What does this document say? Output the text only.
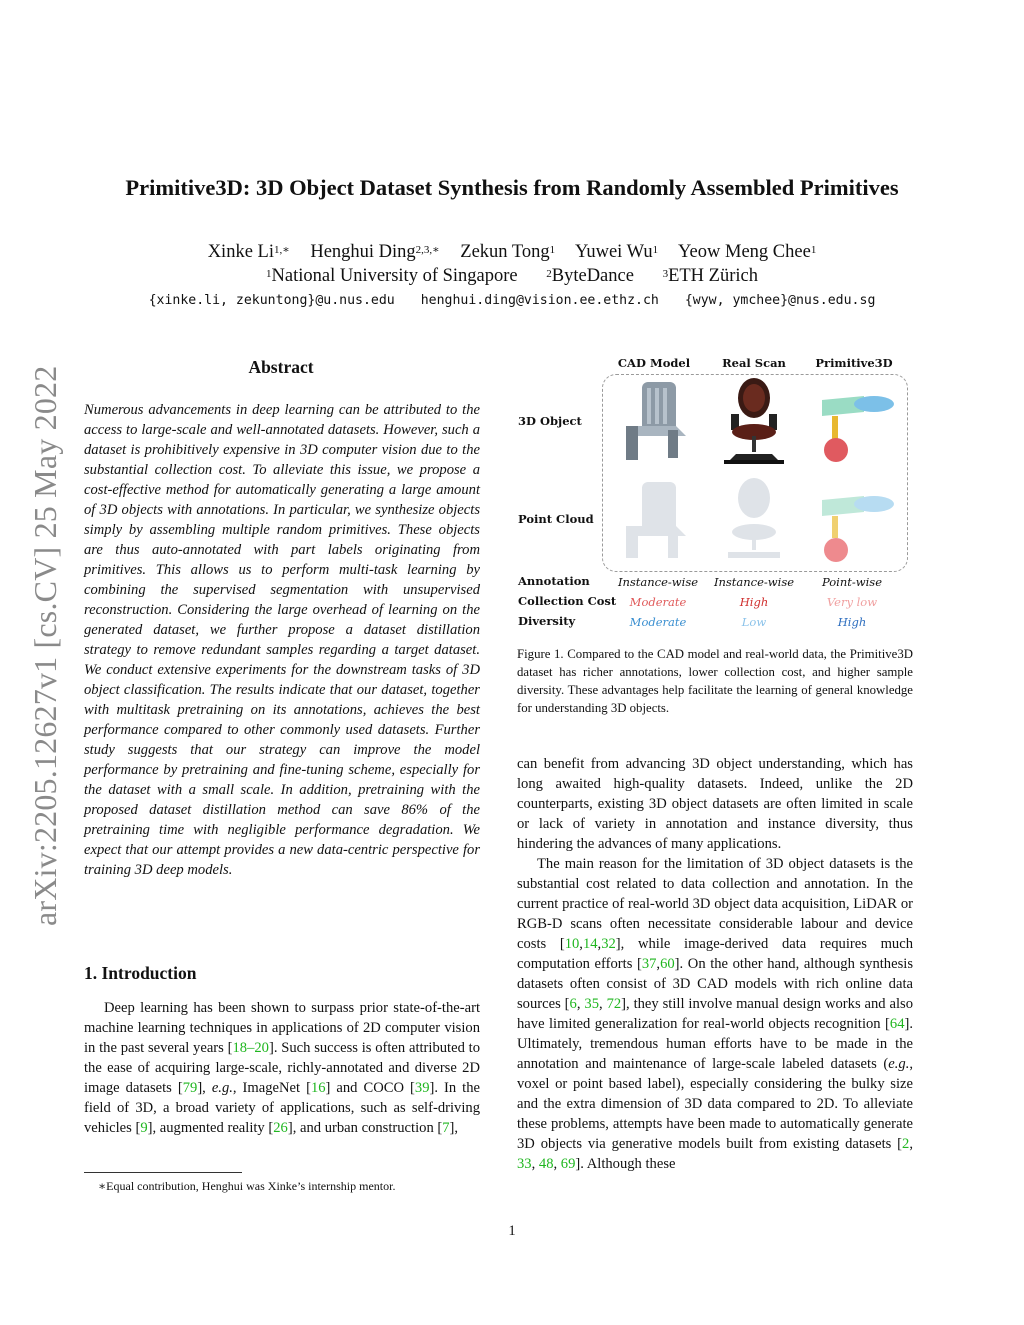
arXiv:2205.12627v1 [cs.CV] 25 May 2022
Primitive3D: 3D Object Dataset Synthesis from Randomly Assembled Primitives
Xinke $Li^{1,∗}$ Henghui Ding$^{2,3,∗}$ Zekun Tong$^1$ Yuwei Wu$^1$ Yeow Meng Chee$^1$
$^1$National University of Singapore	$^2$ByteDance	$^3$ETH Zürich
{xinke.li, zekuntong}@u.nus.edu henghui.ding@vision.ee.ethz.ch {wyw, ymchee}@nus.edu.sg
Abstract
Numerous advancements in deep learning can be attributed to the access to large-scale and well-annotated datasets. However, such a dataset is prohibitively expensive in 3D computer vision due to the substantial collection cost. To alleviate this issue, we propose a cost-effective method for automatically generating a large amount of 3D objects with annotations. In particular, we synthesize objects simply by assembling multiple random primitives. These objects are thus auto-annotated with part labels originating from primitives. This allows us to perform multi-task learning by combining the supervised segmentation with unsupervised reconstruction. Considering the large overhead of learning on the generated dataset, we further propose a dataset distillation strategy to remove redundant samples regarding a target dataset. We conduct extensive experiments for the downstream tasks of 3D object classification. The results indicate that our dataset, together with multitask pretraining on its annotations, achieves the best performance compared to other commonly used datasets. Further study suggests that our strategy can improve the model performance by pretraining and fine-tuning scheme, especially for the dataset with a small scale. In addition, pretraining with the proposed dataset distillation method can save 86% of the pretraining time with negligible performance degradation. We expect that our attempt provides a new data-centric perspective for training 3D deep models.
1. Introduction
Deep learning has been shown to surpass prior state-of-the-art machine learning techniques in applications of 2D computer vision in the past several years [18–20]. Such success is often attributed to the ease of acquiring large-scale, richly-annotated and diverse 2D image datasets [79], e.g., ImageNet [16] and COCO [39]. In the field of 3D, a broad variety of applications, such as self-driving vehicles [9], augmented reality [26], and urban construction [7],
∗Equal contribution, Henghui was Xinke’s internship mentor.
CAD Model	Real Scan	Primitive3D
3D Object
Point Cloud
Annotation	Instance-wise	Instance-wise	Point-wise
Collection Cost	Moderate	High	Very low
Diversity	Moderate	Low	High
Figure 1. Compared to the CAD model and real-world data, the Primitive3D dataset has richer annotations, lower collection cost, and higher sample diversity. These advantages help facilitate the learning of general knowledge for understanding 3D objects.

can benefit from advancing 3D object understanding, which has long awaited high-quality datasets. Indeed, unlike the 2D counterparts, existing 3D object datasets are often limited in scale or lack of variety in annotation and instance diversity, thus hindering the advances of many applications.

The main reason for the limitation of 3D object datasets is the substantial cost related to data collection and annotation. In the current practice of real-world 3D object data acquisition, LiDAR or RGB-D scans often necessitate considerable labour and device costs [10,14,32], while image-derived data requires much computation efforts [37,60]. On the other hand, although synthesis datasets often consist of 3D CAD models with rich online data sources [6, 35, 72], they still involve manual design works and also have limited generalization for real-world objects recognition [64]. Ultimately, tremendous human efforts have to be made in the annotation and maintenance of large-scale labeled datasets (e.g., voxel or point based label), especially considering the bulky size and the extra dimension of 3D data compared to 2D. To alleviate these problems, attempts have been made to automatically generate 3D objects via generative models built from existing datasets [2, 33, 48, 69]. Although these

1
